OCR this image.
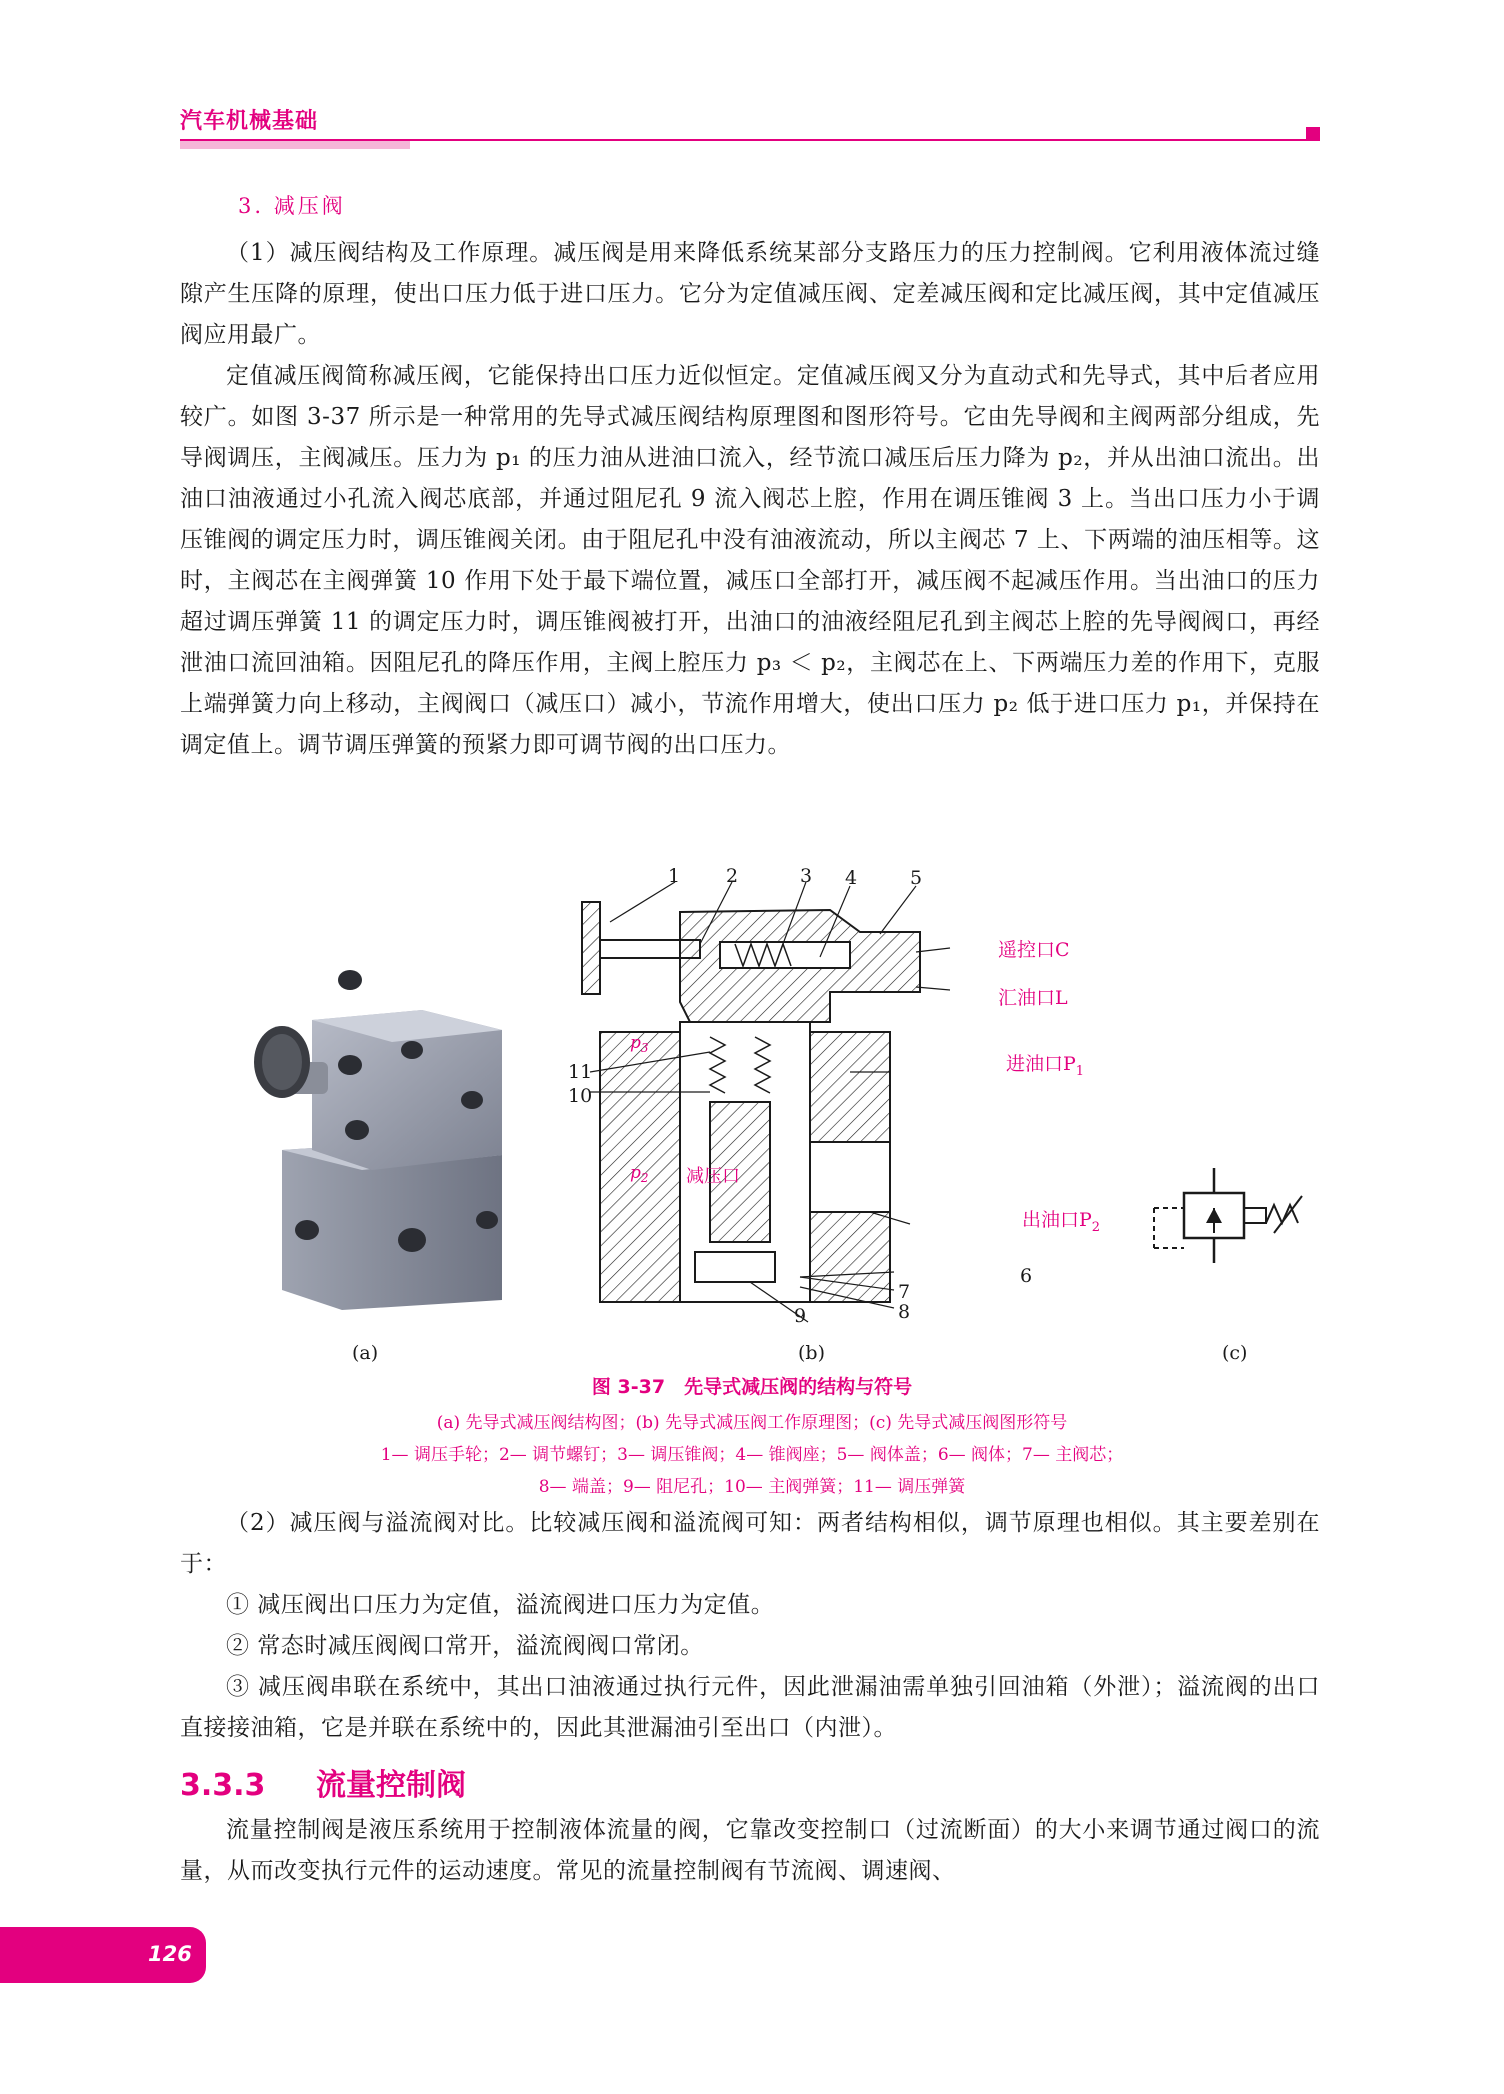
汽车机械基础
3. 减压阀

（1）减压阀结构及工作原理。减压阀是用来降低系统某部分支路压力的压力控制阀。它利用液体流过缝隙产生压降的原理，使出口压力低于进口压力。它分为定值减压阀、定差减压阀和定比减压阀，其中定值减压阀应用最广。

定值减压阀简称减压阀，它能保持出口压力近似恒定。定值减压阀又分为直动式和先导式，其中后者应用较广。如图 3-37 所示是一种常用的先导式减压阀结构原理图和图形符号。它由先导阀和主阀两部分组成，先导阀调压，主阀减压。压力为 p₁ 的压力油从进油口流入，经节流口减压后压力降为 p₂，并从出油口流出。出油口油液通过小孔流入阀芯底部，并通过阻尼孔 9 流入阀芯上腔，作用在调压锥阀 3 上。当出口压力小于调压锥阀的调定压力时，调压锥阀关闭。由于阻尼孔中没有油液流动，所以主阀芯 7 上、下两端的油压相等。这时，主阀芯在主阀弹簧 10 作用下处于最下端位置，减压口全部打开，减压阀不起减压作用。当出油口的压力超过调压弹簧 11 的调定压力时，调压锥阀被打开，出油口的油液经阻尼孔到主阀芯上腔的先导阀阀口，再经泄油口流回油箱。因阻尼孔的降压作用，主阀上腔压力 p₃ ＜ p₂，主阀芯在上、下两端压力差的作用下，克服上端弹簧力向上移动，主阀阀口（减压口）减小，节流作用增大，使出口压力 p₂ 低于进口压力 p₁，并保持在调定值上。调节调压弹簧的预紧力即可调节阀的出口压力。

1 2	3 4	5
6
7
8
9
10
11
遥控口C
汇油口L
进油口$P_1$
出油口$P_2$
减压口
$p_3$
$p_2$
(a)	(b)	(c)
图 3-37　先导式减压阀的结构与符号
(a) 先导式减压阀结构图；(b) 先导式减压阀工作原理图；(c) 先导式减压阀图形符号
1— 调压手轮；2— 调节螺钉；3— 调压锥阀；4— 锥阀座；5— 阀体盖；6— 阀体；7— 主阀芯；
8— 端盖；9— 阻尼孔；10— 主阀弹簧；11— 调压弹簧

（2）减压阀与溢流阀对比。比较减压阀和溢流阀可知：两者结构相似，调节原理也相似。其主要差别在于：

① 减压阀出口压力为定值，溢流阀进口压力为定值。
② 常态时减压阀阀口常开，溢流阀阀口常闭。
③ 减压阀串联在系统中，其出口油液通过执行元件，因此泄漏油需单独引回油箱（外泄）；溢流阀的出口直接接油箱，它是并联在系统中的，因此其泄漏油引至出口（内泄）。
3.3.3 流量控制阀

流量控制阀是液压系统用于控制液体流量的阀，它靠改变控制口（过流断面）的大小来调节通过阀口的流量，从而改变执行元件的运动速度。常见的流量控制阀有节流阀、调速阀、

126
